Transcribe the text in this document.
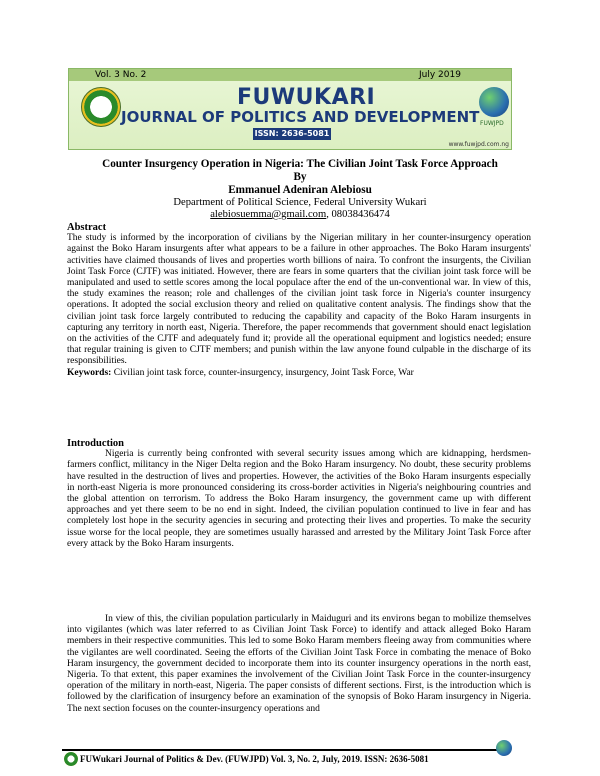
Vol. 3 No. 2	July 2019
FUWUKARI
JOURNAL OF POLITICS AND DEVELOPMENT
ISSN: 2636-5081
FUWJPD
www.fuwjpd.com.ng
Counter Insurgency Operation in Nigeria: The Civilian Joint Task Force Approach
By
Emmanuel Adeniran Alebiosu
Department of Political Science, Federal University Wukari
alebiosuemma@gmail.com, 08038436474
Abstract
The study is informed by the incorporation of civilians by the Nigerian military in her counter-insurgency operation against the Boko Haram insurgents after what appears to be a failure in other approaches. The Boko Haram insurgents' activities have claimed thousands of lives and properties worth billions of naira. To confront the insurgents, the Civilian Joint Task Force (CJTF) was initiated. However, there are fears in some quarters that the civilian joint task force will be manipulated and used to settle scores among the local populace after the end of the un-conventional war. In view of this, the study examines the reason; role and challenges of the civilian joint task force in Nigeria's counter insurgency operations. It adopted the social exclusion theory and relied on qualitative content analysis. The findings show that the civilian joint task force largely contributed to reducing the capability and capacity of the Boko Haram insurgents in capturing any territory in north east, Nigeria. Therefore, the paper recommends that government should enact legislation on the activities of the CJTF and adequately fund it; provide all the operational equipment and logistics needed; ensure that regular training is given to CJTF members; and punish within the law anyone found culpable in the discharge of its responsibilities.
Keywords: Civilian joint task force, counter-insurgency, insurgency, Joint Task Force, War
Introduction
Nigeria is currently being confronted with several security issues among which are kidnapping, herdsmen-farmers conflict, militancy in the Niger Delta region and the Boko Haram insurgency. No doubt, these security problems have resulted in the destruction of lives and properties. However, the activities of the Boko Haram insurgents especially in north-east Nigeria is more pronounced considering its cross-border activities in Nigeria's neighbouring countries and the global attention on terrorism. To address the Boko Haram insurgency, the government came up with different approaches and yet there seem to be no end in sight. Indeed, the civilian population continued to live in fear and has completely lost hope in the security agencies in securing and protecting their lives and properties. To make the security issue worse for the local people, they are sometimes usually harassed and arrested by the Military Joint Task Force after every attack by the Boko Haram insurgents.
In view of this, the civilian population particularly in Maiduguri and its environs began to mobilize themselves into vigilantes (which was later referred to as Civilian Joint Task Force) to identify and attack alleged Boko Haram members in their respective communities. This led to some Boko Haram members fleeing away from communities where the vigilantes are well coordinated. Seeing the efforts of the Civilian Joint Task Force in combating the menace of Boko Haram insurgency, the government decided to incorporate them into its counter insurgency operations in the north east, Nigeria. To that extent, this paper examines the involvement of the Civilian Joint Task Force in the counter-insurgency operation of the military in north-east, Nigeria. The paper consists of different sections. First, is the introduction which is followed by the clarification of insurgency before an examination of the synopsis of Boko Haram insurgency in Nigeria. The next section focuses on the counter-insurgency operations and
FUWukari Journal of Politics & Dev. (FUWJPD) Vol. 3, No. 2, July, 2019. ISSN: 2636-5081
